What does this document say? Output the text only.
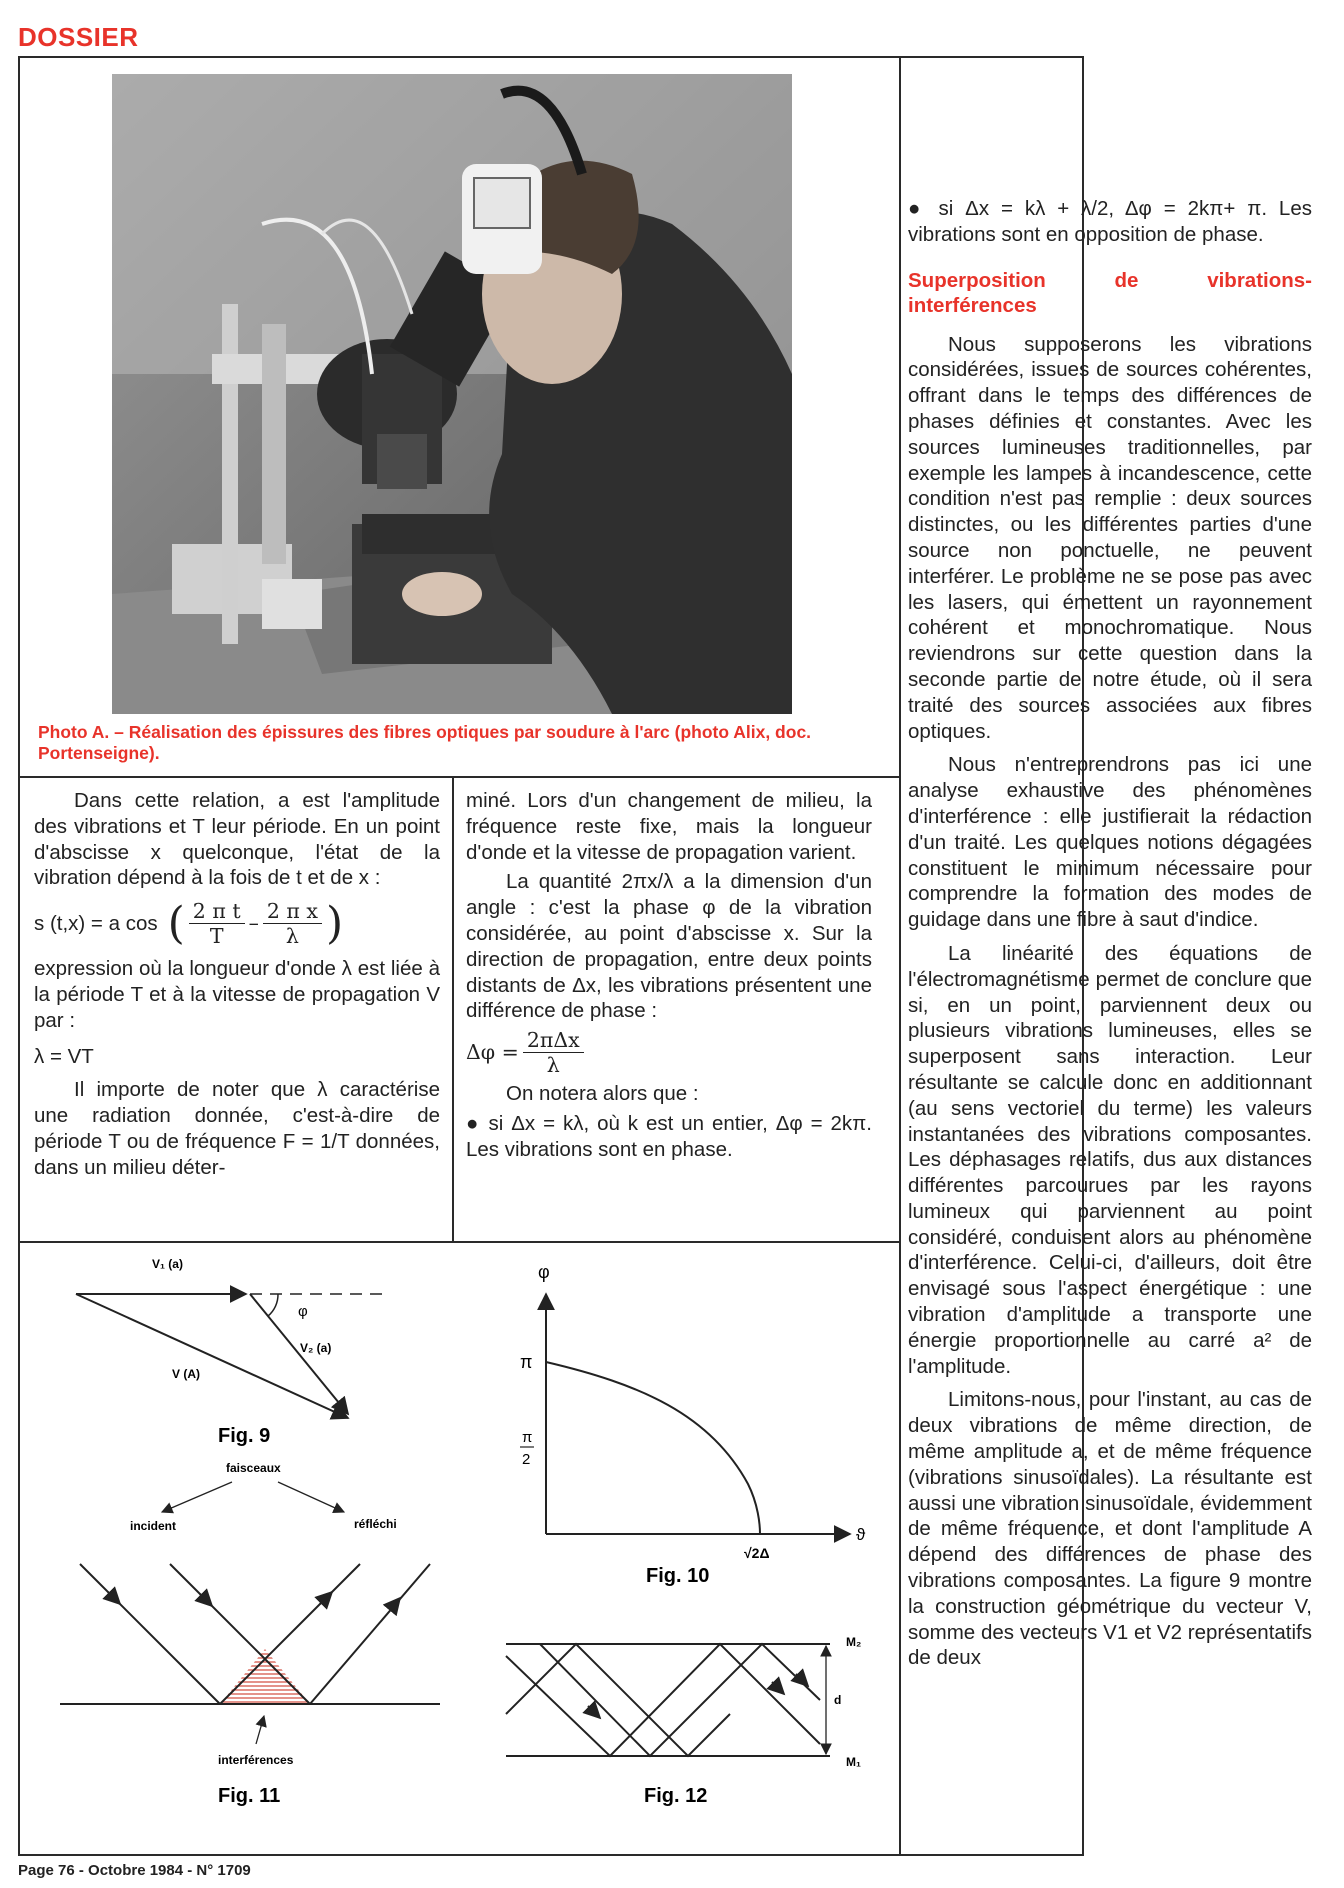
DOSSIER
Photo A. – Réalisation des épissures des fibres optiques par soudure à l'arc (photo Alix, doc. Portenseigne).

Dans cette relation, a est l'amplitude des vibrations et T leur période. En un point d'abscisse x quelconque, l'état de la vibration dépend à la fois de t et de x :

s (t,x) = a cos ( $\frac{\text{2 π t}}{T} - \frac{\text{2 π x}}{\lambda}$ )

expression où la longueur d'onde λ est liée à la période T et à la vitesse de propagation V par :

λ = VT

Il importe de noter que λ caractérise une radiation donnée, c'est-à-dire de période T ou de fréquence F = 1/T données, dans un milieu déter-

miné. Lors d'un changement de milieu, la fréquence reste fixe, mais la longueur d'onde et la vitesse de propagation varient.

La quantité 2πx/λ a la dimension d'un angle : c'est la phase φ de la vibration considérée, au point d'abscisse x. Sur la direction de propagation, entre deux points distants de Δx, les vibrations présentent une différence de phase :

$\Delta\varphi = \frac{\text{2πΔx}}{\lambda}$

On notera alors que :

● si Δx = kλ, où k est un entier, Δφ = 2kπ. Les vibrations sont en phase.

● si Δx = kλ + λ/2, Δφ = 2kπ+ π. Les vibrations sont en opposition de phase.

Superposition de vibrations-interférences

Nous supposerons les vibrations considérées, issues de sources cohérentes, offrant dans le temps des différences de phases définies et constantes. Avec les sources lumineuses traditionnelles, par exemple les lampes à incandescence, cette condition n'est pas remplie : deux sources distinctes, ou les différentes parties d'une source non ponctuelle, ne peuvent interférer. Le problème ne se pose pas avec les lasers, qui émettent un rayonnement cohérent et monochromatique. Nous reviendrons sur cette question dans la seconde partie de notre étude, où il sera traité des sources associées aux fibres optiques.

Nous n'entreprendrons pas ici une analyse exhaustive des phénomènes d'interférence : elle justifierait la rédaction d'un traité. Les quelques notions dégagées constituent le minimum nécessaire pour comprendre la formation des modes de guidage dans une fibre à saut d'indice.

La linéarité des équations de l'électromagnétisme permet de conclure que si, en un point, parviennent deux ou plusieurs vibrations lumineuses, elles se superposent sans interaction. Leur résultante se calcule donc en additionnant (au sens vectoriel du terme) les valeurs instantanées des vibrations composantes. Les déphasages relatifs, dus aux distances différentes parcourues par les rayons lumineux qui parviennent au point considéré, conduisent alors au phénomène d'interférence. Celui-ci, d'ailleurs, doit être envisagé sous l'aspect énergétique : une vibration d'amplitude a transporte une énergie proportionnelle au carré a² de l'amplitude.

Limitons-nous, pour l'instant, au cas de deux vibrations de même direction, de même amplitude a, et de même fréquence (vibrations sinusoïdales). La résultante est aussi une vibration sinusoïdale, évidemment de même fréquence, et dont l'amplitude A dépend des différences de phase des vibrations composantes. La figure 9 montre la construction géométrique du vecteur V, somme des vecteurs V1 et V2 représentatifs de deux

V₁ (a)
V₂ (a)
V (A)
φ
Fig. 9
faisceaux
incident	réfléchi
interférences
Fig. 11
φ
π
π
2
ϑ
√2Δ
Fig. 10
M₂
M₁
d
Fig. 12
Page 76 - Octobre 1984 - N° 1709
